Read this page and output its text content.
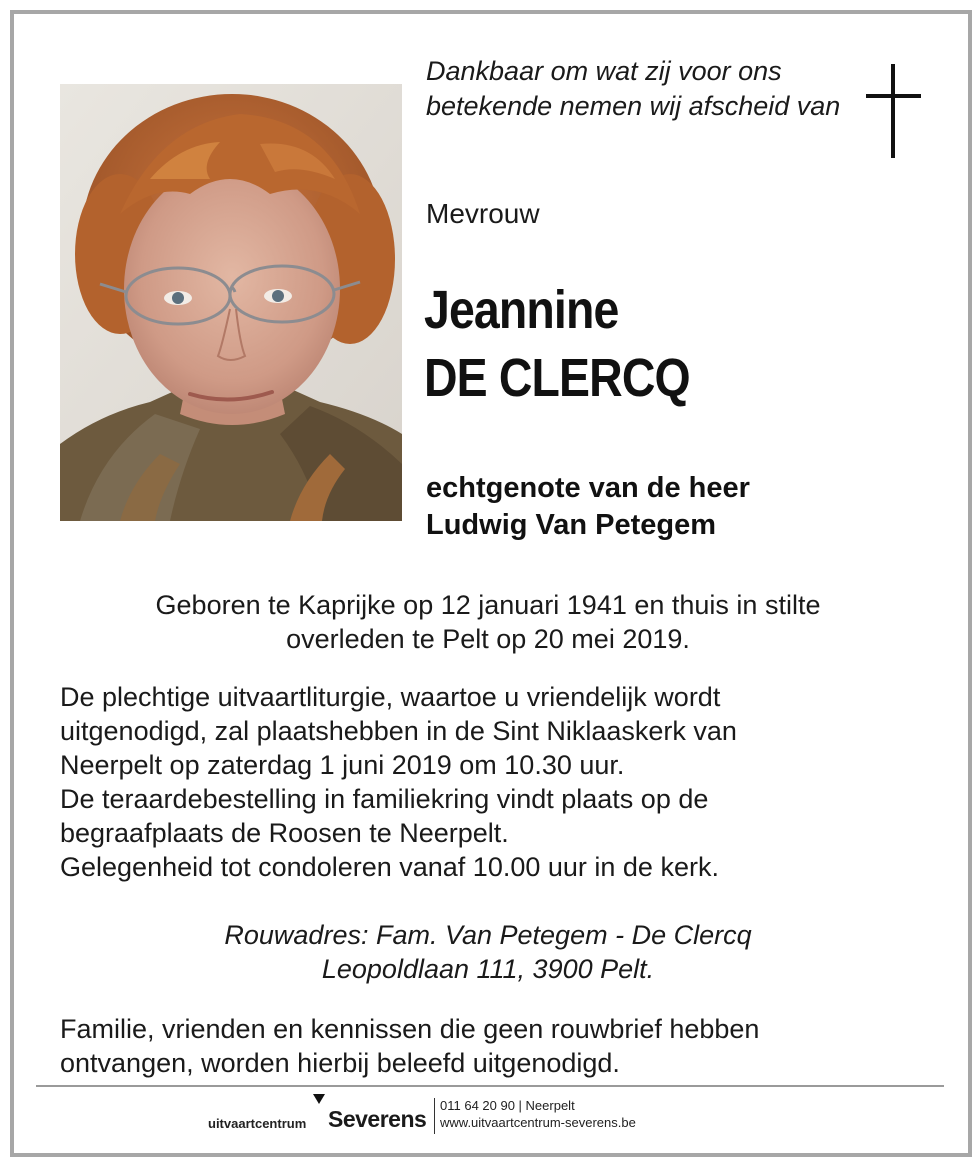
Dankbaar om wat zij voor ons betekende nemen wij afscheid van
Mevrouw
Jeannine
DE CLERCQ
echtgenote van de heer
Ludwig Van Petegem
Geboren te Kaprijke op 12 januari 1941 en thuis in stilte
overleden te Pelt op 20 mei 2019.

De plechtige uitvaartliturgie, waartoe u vriendelijk wordt

uitgenodigd, zal plaatshebben in de Sint Niklaaskerk van

Neerpelt op zaterdag 1 juni 2019 om 10.30 uur.

De teraardebestelling in familiekring vindt plaats op de

begraafplaats de Roosen te Neerpelt.

Gelegenheid tot condoleren vanaf 10.00 uur in de kerk.

Rouwadres: Fam. Van Petegem - De Clercq
Leopoldlaan 111, 3900 Pelt.
Familie, vrienden en kennissen die geen rouwbrief hebben
ontvangen, worden hierbij beleefd uitgenodigd.
uitvaartcentrum Severens
011 64 20 90 | Neerpelt
www.uitvaartcentrum-severens.be
